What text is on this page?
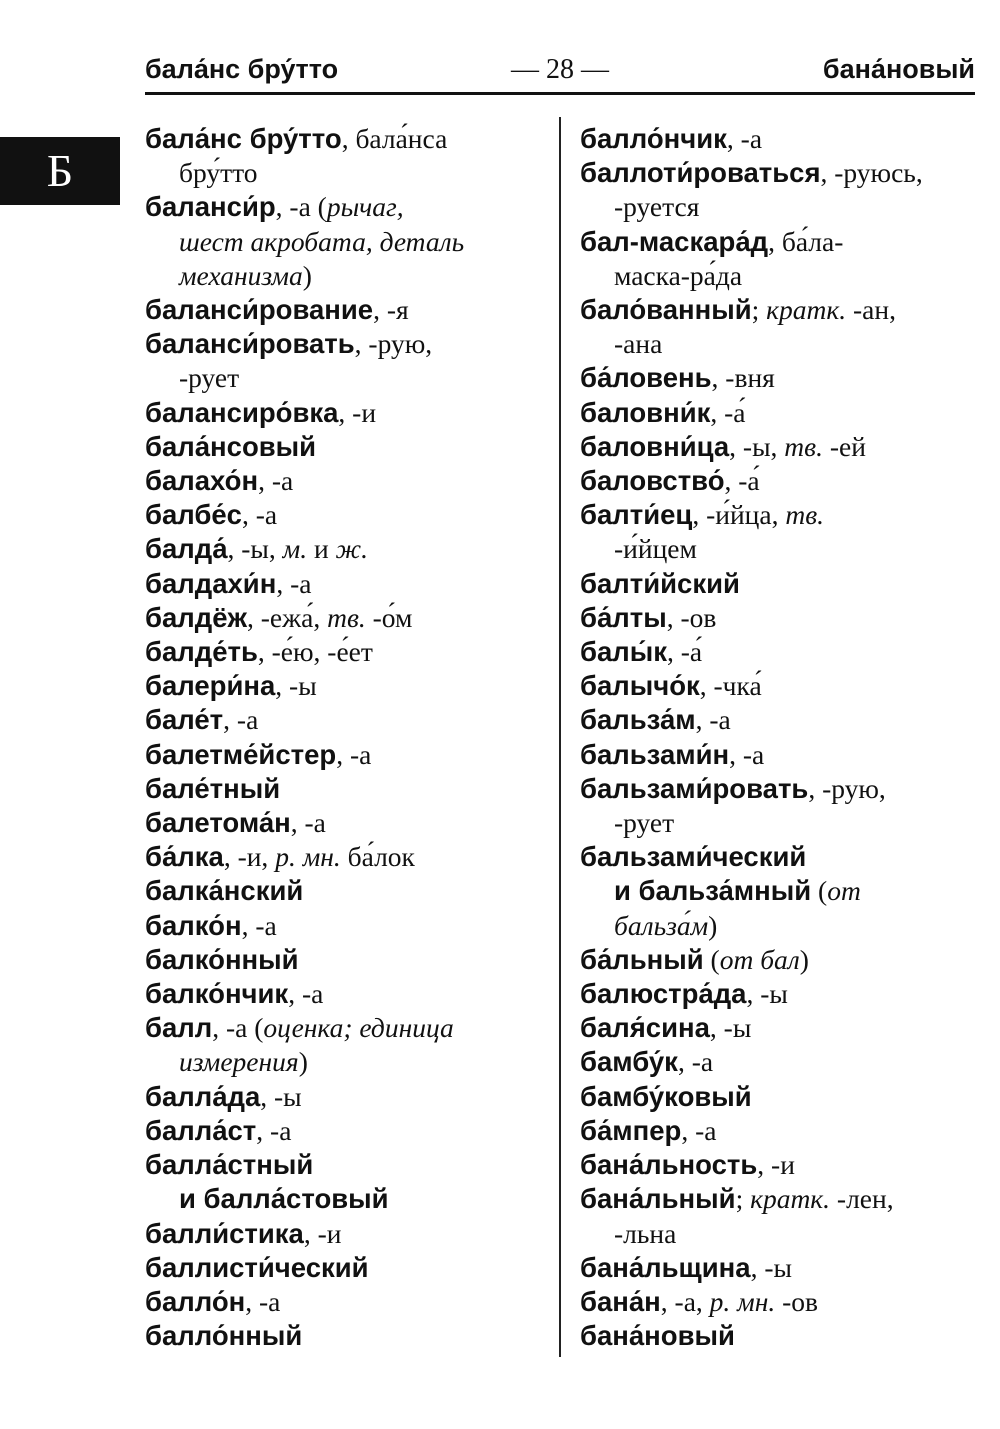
бала́нс бру́тто	— 28 —	бана́новый
Б
бала́нс бру́тто, бала́нса
бру́тто
баланси́р, -а (рычаг,
шест акробата, деталь
механизма)
баланси́рование, -я
баланси́ровать, -рую,
-рует
балансиро́вка, -и
бала́нсовый
балахо́н, -а
балбе́с, -а
балда́, -ы, м. и ж.
балдахи́н, -а
балдёж, -ежа́, тв. -о́м
балде́ть, -е́ю, -е́ет
балери́на, -ы
бале́т, -а
балетме́йстер, -а
бале́тный
балетома́н, -а
ба́лка, -и, р. мн. ба́лок
балка́нский
балко́н, -а
балко́нный
балко́нчик, -а
балл, -а (оценка; единица
измерения)
балла́да, -ы
балла́ст, -а
балла́стный
и балла́стовый
балли́стика, -и
баллисти́ческий
балло́н, -а
балло́нный
балло́нчик, -а
баллоти́роваться, -руюсь,
-руется
бал-маскара́д, ба́ла-
маска-ра́да
бало́ванный; кратк. -ан,
-ана
ба́ловень, -вня
баловни́к, -а́
баловни́ца, -ы, тв. -ей
баловство́, -а́
балти́ец, -и́йца, тв.
-и́йцем
балти́йский
ба́лты, -ов
балы́к, -а́
балычо́к, -чка́
бальза́м, -а
бальзами́н, -а
бальзами́ровать, -рую,
-рует
бальзами́ческий
и бальза́мный (от
бальза́м)
ба́льный (от бал)
балюстра́да, -ы
баля́сина, -ы
бамбу́к, -а
бамбу́ковый
ба́мпер, -а
бана́льность, -и
бана́льный; кратк. -лен,
-льна
бана́льщина, -ы
бана́н, -а, р. мн. -ов
бана́новый
